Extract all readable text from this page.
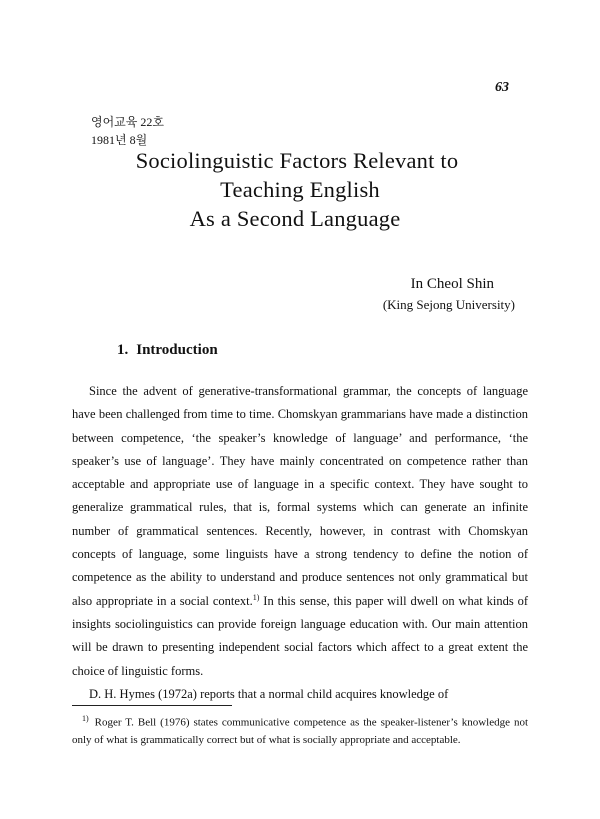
63
영어교육 22호
1981년 8월
Sociolinguistic Factors Relevant to
Teaching English
As a Second Language
In Cheol Shin
(King Sejong University)
1. Introduction

Since the advent of generative-transformational grammar, the concepts of language have been challenged from time to time. Chomskyan grammarians have made a distinction between competence, ‘the speaker’s knowledge of language’ and performance, ‘the speaker’s use of language’. They have mainly concentrated on competence rather than acceptable and appropriate use of language in a specific context. They have sought to generalize grammatical rules, that is, formal systems which can generate an infinite number of grammatical sentences. Recently, however, in contrast with Chomskyan concepts of language, some linguists have a strong tendency to define the notion of competence as the ability to understand and produce sentences not only grammatical but also appropriate in a social context.$^{1)}$ In this sense, this paper will dwell on what kinds of insights sociolinguistics can provide foreign language education with. Our main attention will be drawn to presenting independent social factors which affect to a great extent the choice of linguistic forms.

D. H. Hymes (1972a) reports that a normal child acquires knowledge of

$^{1)}$ Roger T. Bell (1976) states communicative competence as the speaker-listener’s knowledge not only of what is grammatically correct but of what is socially appropriate and acceptable.
